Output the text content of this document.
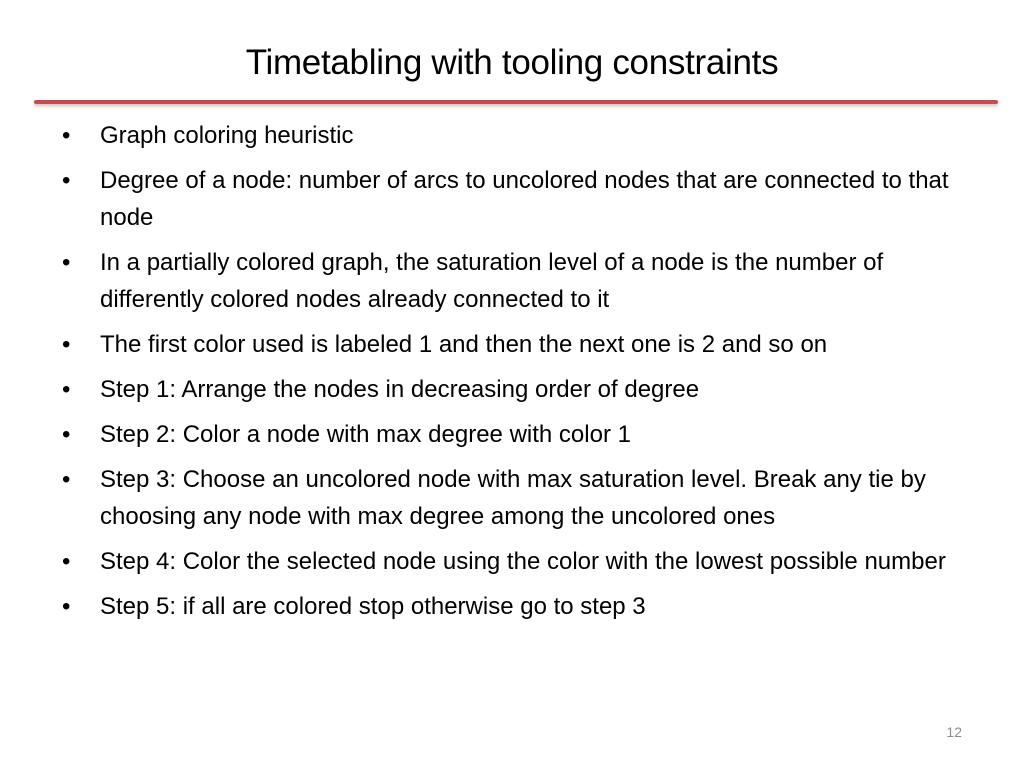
Timetabling with tooling constraints
•	Graph coloring heuristic
•	Degree of a node: number of arcs to uncolored nodes that are connected to that node
•	In a partially colored graph, the saturation level of a node is the number of differently colored nodes already connected to it
•	The first color used is labeled 1 and then the next one is 2 and so on
•	Step 1: Arrange the nodes in decreasing order of degree
•	Step 2: Color a node with max degree with color 1
•	Step 3: Choose an uncolored node with max saturation level. Break any tie by choosing any node with max degree among the uncolored ones
•	Step 4: Color the selected node using the color with the lowest possible number
•	Step 5: if all are colored stop otherwise go to step 3
12
